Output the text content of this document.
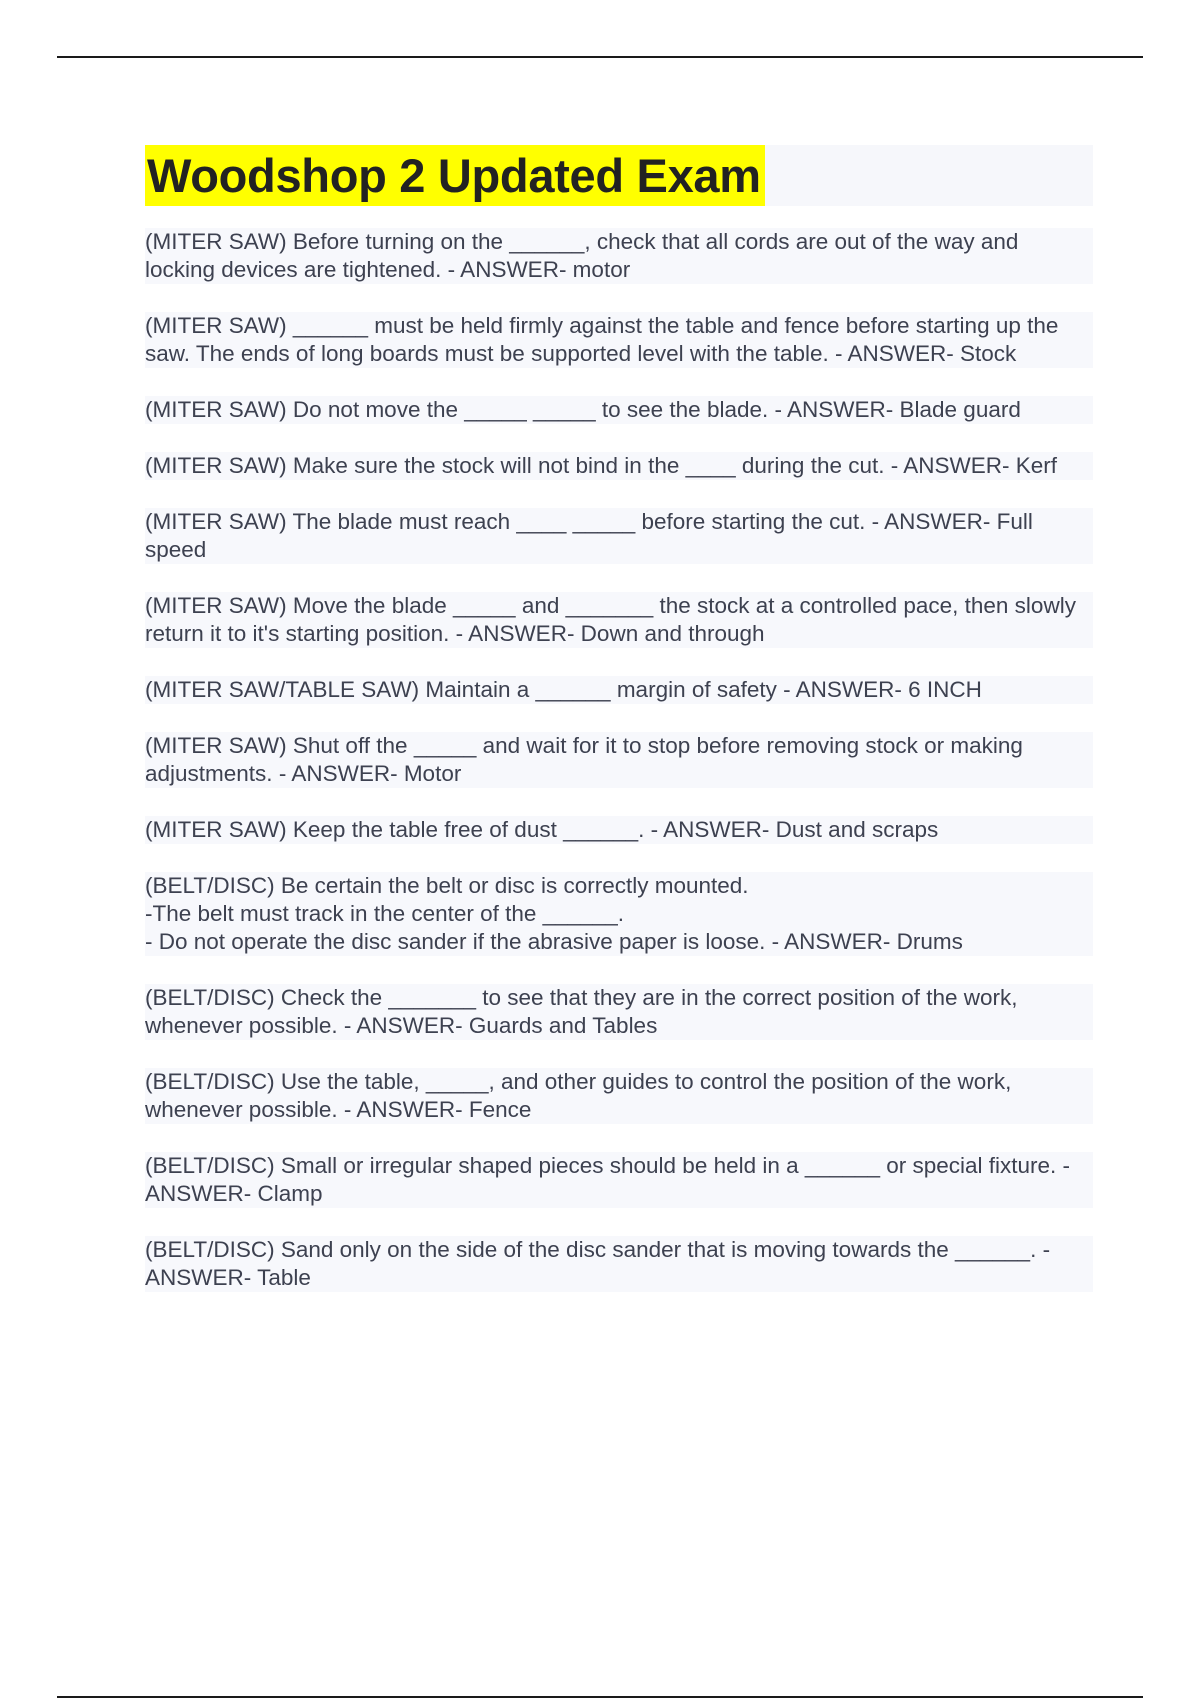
Woodshop 2 Updated Exam

(MITER SAW) Before turning on the ______, check that all cords are out of the way and locking devices are tightened. - ANSWER- motor

(MITER SAW) ______ must be held firmly against the table and fence before starting up the saw. The ends of long boards must be supported level with the table. - ANSWER- Stock

(MITER SAW) Do not move the _____ _____ to see the blade. - ANSWER- Blade guard

(MITER SAW) Make sure the stock will not bind in the ____ during the cut. - ANSWER- Kerf

(MITER SAW) The blade must reach ____ _____ before starting the cut. - ANSWER- Full speed

(MITER SAW) Move the blade _____ and _______ the stock at a controlled pace, then slowly return it to it's starting position. - ANSWER- Down and through

(MITER SAW/TABLE SAW) Maintain a ______ margin of safety - ANSWER- 6 INCH

(MITER SAW) Shut off the _____ and wait for it to stop before removing stock or making adjustments. - ANSWER- Motor

(MITER SAW) Keep the table free of dust ______. - ANSWER- Dust and scraps

(BELT/DISC) Be certain the belt or disc is correctly mounted.
-The belt must track in the center of the ______.
- Do not operate the disc sander if the abrasive paper is loose. - ANSWER- Drums

(BELT/DISC) Check the _______ to see that they are in the correct position of the work, whenever possible. - ANSWER- Guards and Tables

(BELT/DISC) Use the table, _____, and other guides to control the position of the work, whenever possible. - ANSWER- Fence

(BELT/DISC) Small or irregular shaped pieces should be held in a ______ or special fixture. - ANSWER- Clamp

(BELT/DISC) Sand only on the side of the disc sander that is moving towards the ______. - ANSWER- Table
